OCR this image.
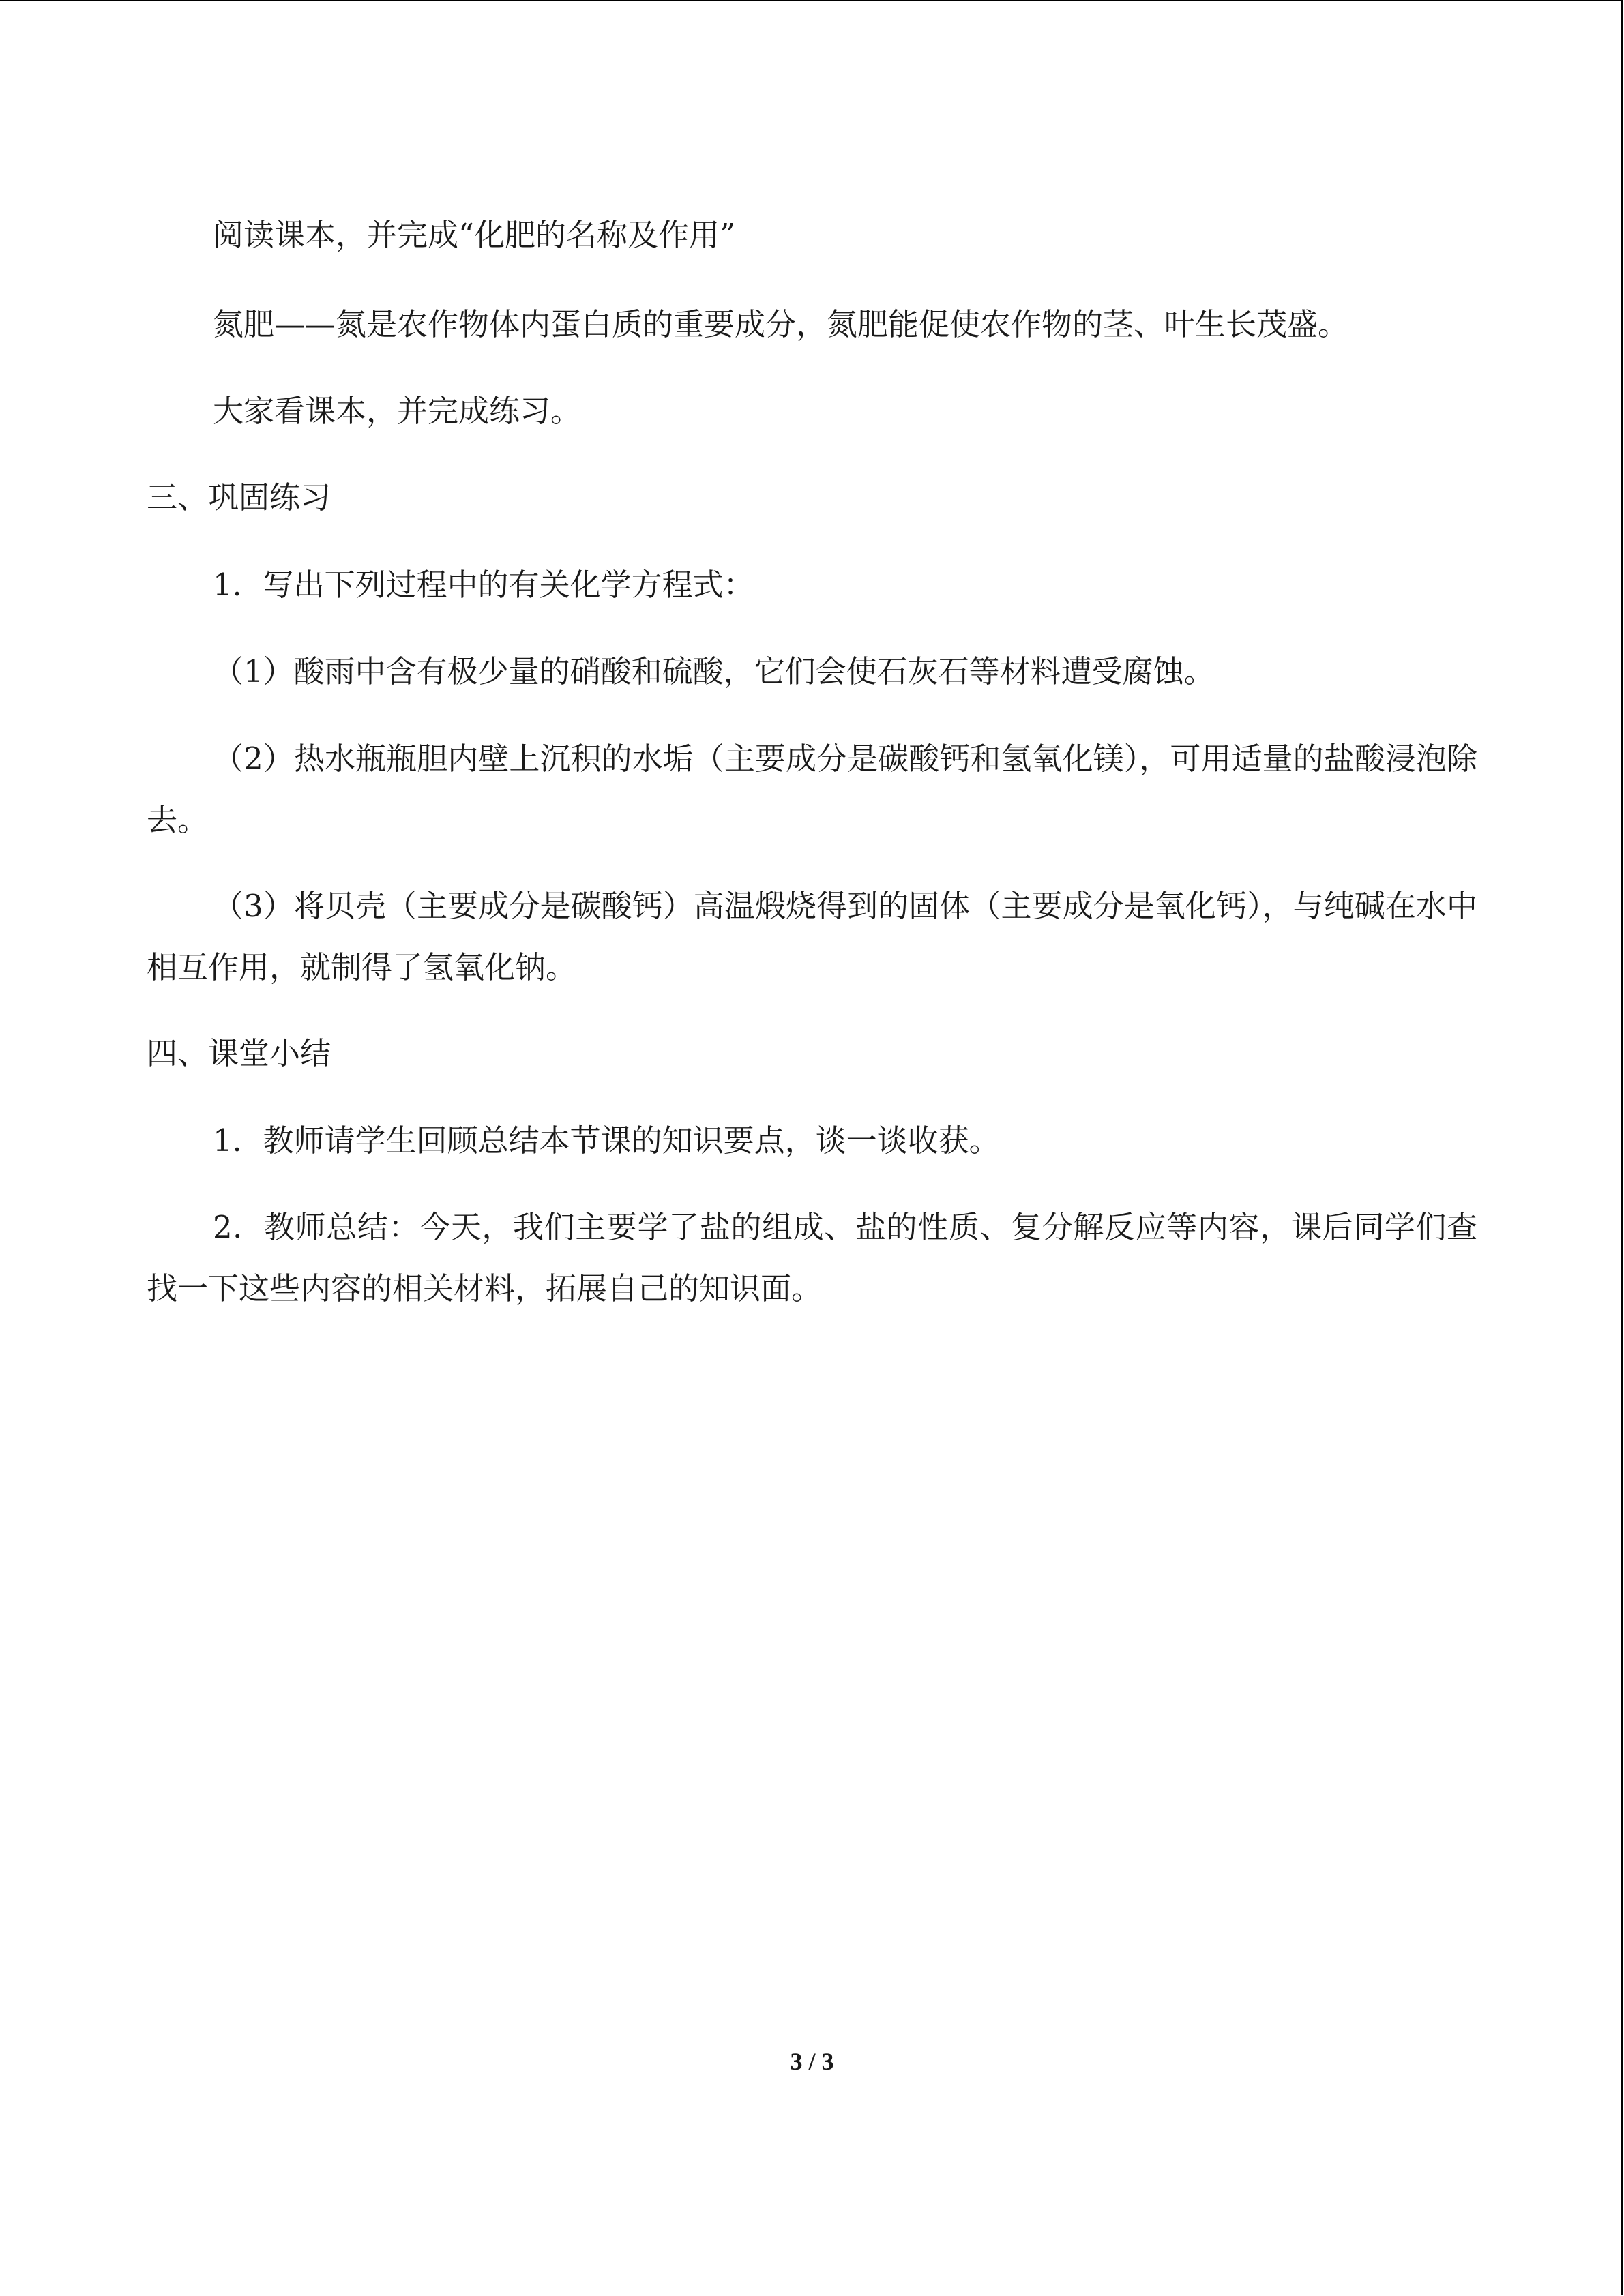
阅读课本，并完成“化肥的名称及作用”
氮肥——氮是农作物体内蛋白质的重要成分，氮肥能促使农作物的茎、叶生长茂盛。
大家看课本，并完成练习。
三、巩固练习
1．写出下列过程中的有关化学方程式：
（1）酸雨中含有极少量的硝酸和硫酸，它们会使石灰石等材料遭受腐蚀。
（2）热水瓶瓶胆内壁上沉积的水垢（主要成分是碳酸钙和氢氧化镁），可用适量的盐酸浸泡除去。
（3）将贝壳（主要成分是碳酸钙）高温煅烧得到的固体（主要成分是氧化钙），与纯碱在水中相互作用，就制得了氢氧化钠。
四、课堂小结
1．教师请学生回顾总结本节课的知识要点，谈一谈收获。
2．教师总结：今天，我们主要学了盐的组成、盐的性质、复分解反应等内容，课后同学们查找一下这些内容的相关材料，拓展自己的知识面。
3 / 3
